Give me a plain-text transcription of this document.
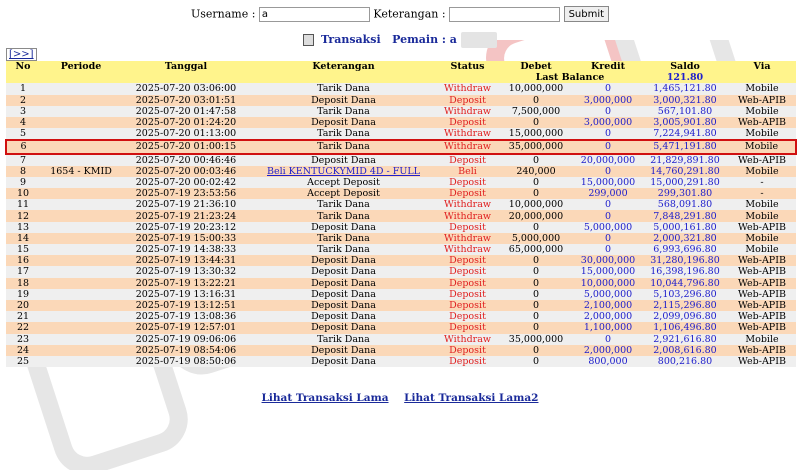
Username : a	Keterangan :	Submit
Transaksi Pemain : a
[>>]
No	Periode	Tanggal	Keterangan	Status	Debet	Kredit	Saldo	Via
					Last Balance		121.80	
1		2025-07-20 03:06:00	Tarik Dana	Withdraw	10,000,000	0	1,465,121.80	Mobile
2		2025-07-20 03:01:51	Deposit Dana	Deposit	0	3,000,000	3,000,321.80	Web-APIB
3		2025-07-20 01:47:58	Tarik Dana	Withdraw	7,500,000	0	567,101.80	Mobile
4		2025-07-20 01:24:20	Deposit Dana	Deposit	0	3,000,000	3,005,901.80	Web-APIB
5		2025-07-20 01:13:00	Tarik Dana	Withdraw	15,000,000	0	7,224,941.80	Mobile
6		2025-07-20 01:00:15	Tarik Dana	Withdraw	35,000,000	0	5,471,191.80	Mobile
7		2025-07-20 00:46:46	Deposit Dana	Deposit	0	20,000,000	21,829,891.80	Web-APIB
8	1654 - KMID	2025-07-20 00:03:46	Beli KENTUCKYMID 4D - FULL	Beli	240,000	0	14,760,291.80	Mobile
9		2025-07-20 00:02:42	Accept Deposit	Deposit	0	15,000,000	15,000,291.80	-
10		2025-07-19 23:53:56	Accept Deposit	Deposit	0	299,000	299,301.80	-
11		2025-07-19 21:36:10	Tarik Dana	Withdraw	10,000,000	0	568,091.80	Mobile
12		2025-07-19 21:23:24	Tarik Dana	Withdraw	20,000,000	0	7,848,291.80	Mobile
13		2025-07-19 20:23:12	Deposit Dana	Deposit	0	5,000,000	5,000,161.80	Web-APIB
14		2025-07-19 15:00:33	Tarik Dana	Withdraw	5,000,000	0	2,000,321.80	Mobile
15		2025-07-19 14:38:33	Tarik Dana	Withdraw	65,000,000	0	6,993,696.80	Mobile
16		2025-07-19 13:44:31	Deposit Dana	Deposit	0	30,000,000	31,280,196.80	Web-APIB
17		2025-07-19 13:30:32	Deposit Dana	Deposit	0	15,000,000	16,398,196.80	Web-APIB
18		2025-07-19 13:22:21	Deposit Dana	Deposit	0	10,000,000	10,044,796.80	Web-APIB
19		2025-07-19 13:16:31	Deposit Dana	Deposit	0	5,000,000	5,103,296.80	Web-APIB
20		2025-07-19 13:12:51	Deposit Dana	Deposit	0	2,100,000	2,115,296.80	Web-APIB
21		2025-07-19 13:08:36	Deposit Dana	Deposit	0	2,000,000	2,099,096.80	Web-APIB
22		2025-07-19 12:57:01	Deposit Dana	Deposit	0	1,100,000	1,106,496.80	Web-APIB
23		2025-07-19 09:06:06	Tarik Dana	Withdraw	35,000,000	0	2,921,616.80	Mobile
24		2025-07-19 08:54:06	Deposit Dana	Deposit	0	2,000,000	2,008,616.80	Web-APIB
25		2025-07-19 08:50:06	Deposit Dana	Deposit	0	800,000	800,216.80	Web-APIB
Lihat Transaksi Lama Lihat Transaksi Lama2
